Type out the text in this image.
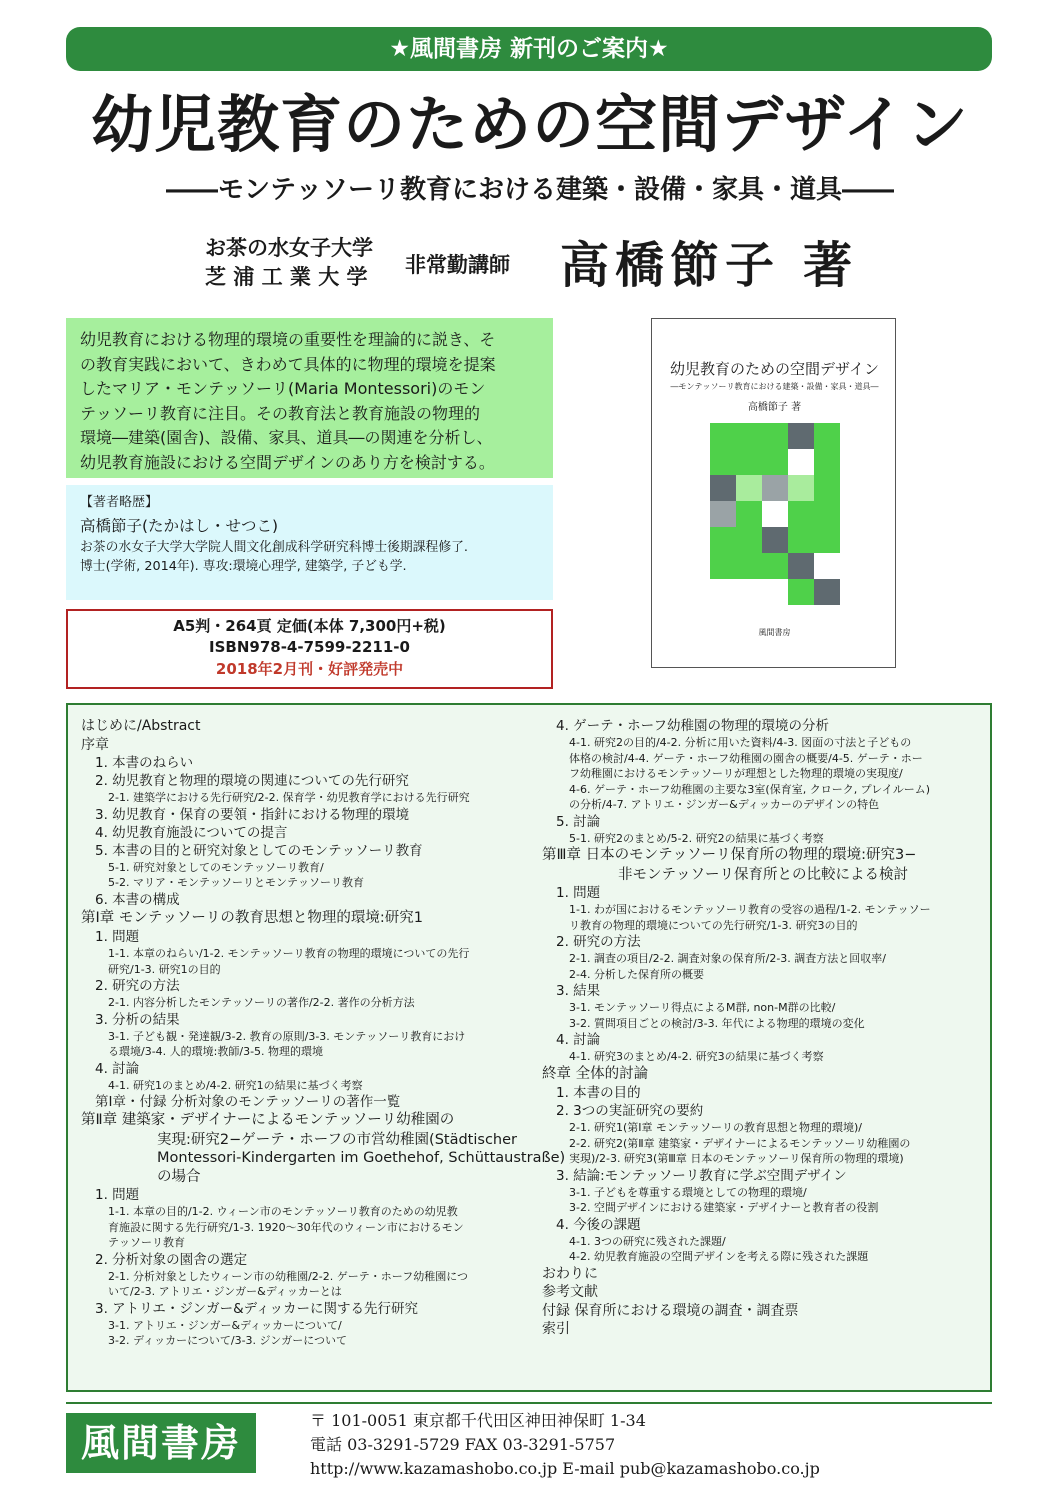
★風間書房 新刊のご案内★
幼児教育のための空間デザイン
――モンテッソーリ教育における建築・設備・家具・道具――
お茶の水女子大学
芝 浦 工 業 大 学 非常勤講師 高橋節子 著
幼児教育における物理的環境の重要性を理論的に説き、そ
の教育実践において、きわめて具体的に物理的環境を提案
したマリア・モンテッソーリ(Maria Montessori)のモン
テッソーリ教育に注目。その教育法と教育施設の物理的
環境―建築(園舎)、設備、家具、道具―の関連を分析し、
幼児教育施設における空間デザインのあり方を検討する。
【著者略歴】
高橋節子(たかはし・せつこ)
お茶の水女子大学大学院人間文化創成科学研究科博士後期課程修了.
博士(学術, 2014年). 専攻:環境心理学, 建築学, 子ども学.
A5判・264頁 定価(本体 7,300円+税)
ISBN978-4-7599-2211-0
2018年2月刊・好評発売中
幼児教育のための空間デザイン
―モンテッソーリ教育における建築・設備・家具・道具―
高橋節子 著
風間書房
はじめに/Abstract
序章
1. 本書のねらい
2. 幼児教育と物理的環境の関連についての先行研究
2-1. 建築学における先行研究/2-2. 保育学・幼児教育学における先行研究
3. 幼児教育・保育の要領・指針における物理的環境
4. 幼児教育施設についての提言
5. 本書の目的と研究対象としてのモンテッソーリ教育
5-1. 研究対象としてのモンテッソーリ教育/
5-2. マリア・モンテッソーリとモンテッソーリ教育
6. 本書の構成
第Ⅰ章 モンテッソーリの教育思想と物理的環境:研究1
1. 問題
1-1. 本章のねらい/1-2. モンテッソーリ教育の物理的環境についての先行
研究/1-3. 研究1の目的
2. 研究の方法
2-1. 内容分析したモンテッソーリの著作/2-2. 著作の分析方法
3. 分析の結果
3-1. 子ども観・発達観/3-2. 教育の原則/3-3. モンテッソーリ教育におけ
る環境/3-4. 人的環境:教師/3-5. 物理的環境
4. 討論
4-1. 研究1のまとめ/4-2. 研究1の結果に基づく考察
第Ⅰ章・付録 分析対象のモンテッソーリの著作一覧
第Ⅱ章 建築家・デザイナーによるモンテッソーリ幼稚園の
実現:研究2−ゲーテ・ホーフの市営幼稚園(Städtischer
Montessori-Kindergarten im Goethehof, Schüttaustraße)
の場合
1. 問題
1-1. 本章の目的/1-2. ウィーン市のモンテッソーリ教育のための幼児教
育施設に関する先行研究/1-3. 1920〜30年代のウィーン市におけるモン
テッソーリ教育
2. 分析対象の園舎の選定
2-1. 分析対象としたウィーン市の幼稚園/2-2. ゲーテ・ホーフ幼稚園につ
いて/2-3. アトリエ・ジンガー&ディッカーとは
3. アトリエ・ジンガー&ディッカーに関する先行研究
3-1. アトリエ・ジンガー&ディッカーについて/
3-2. ディッカーについて/3-3. ジンガーについて
4. ゲーテ・ホーフ幼稚園の物理的環境の分析
4-1. 研究2の目的/4-2. 分析に用いた資料/4-3. 図面の寸法と子どもの
体格の検討/4-4. ゲーテ・ホーフ幼稚園の園舎の概要/4-5. ゲーテ・ホー
フ幼稚園におけるモンテッソーリが理想とした物理的環境の実現度/
4-6. ゲーテ・ホーフ幼稚園の主要な3室(保育室, クローク, プレイルーム)
の分析/4-7. アトリエ・ジンガー&ディッカーのデザインの特色
5. 討論
5-1. 研究2のまとめ/5-2. 研究2の結果に基づく考察
第Ⅲ章 日本のモンテッソーリ保育所の物理的環境:研究3−
非モンテッソーリ保育所との比較による検討
1. 問題
1-1. わが国におけるモンテッソーリ教育の受容の過程/1-2. モンテッソー
リ教育の物理的環境についての先行研究/1-3. 研究3の目的
2. 研究の方法
2-1. 調査の項目/2-2. 調査対象の保育所/2-3. 調査方法と回収率/
2-4. 分析した保育所の概要
3. 結果
3-1. モンテッソーリ得点によるM群, non-M群の比較/
3-2. 質問項目ごとの検討/3-3. 年代による物理的環境の変化
4. 討論
4-1. 研究3のまとめ/4-2. 研究3の結果に基づく考察
終章 全体的討論
1. 本書の目的
2. 3つの実証研究の要約
2-1. 研究1(第Ⅰ章 モンテッソーリの教育思想と物理的環境)/
2-2. 研究2(第Ⅱ章 建築家・デザイナーによるモンテッソーリ幼稚園の
実現)/2-3. 研究3(第Ⅲ章 日本のモンテッソーリ保育所の物理的環境)
3. 結論:モンテッソーリ教育に学ぶ空間デザイン
3-1. 子どもを尊重する環境としての物理的環境/
3-2. 空間デザインにおける建築家・デザイナーと教育者の役割
4. 今後の課題
4-1. 3つの研究に残された課題/
4-2. 幼児教育施設の空間デザインを考える際に残された課題
おわりに
参考文献
付録 保育所における環境の調査・調査票
索引
風間書房	〒 101-0051 東京都千代田区神田神保町 1-34
電話 03-3291-5729 FAX 03-3291-5757
http://www.kazamashobo.co.jp E-mail pub@kazamashobo.co.jp
